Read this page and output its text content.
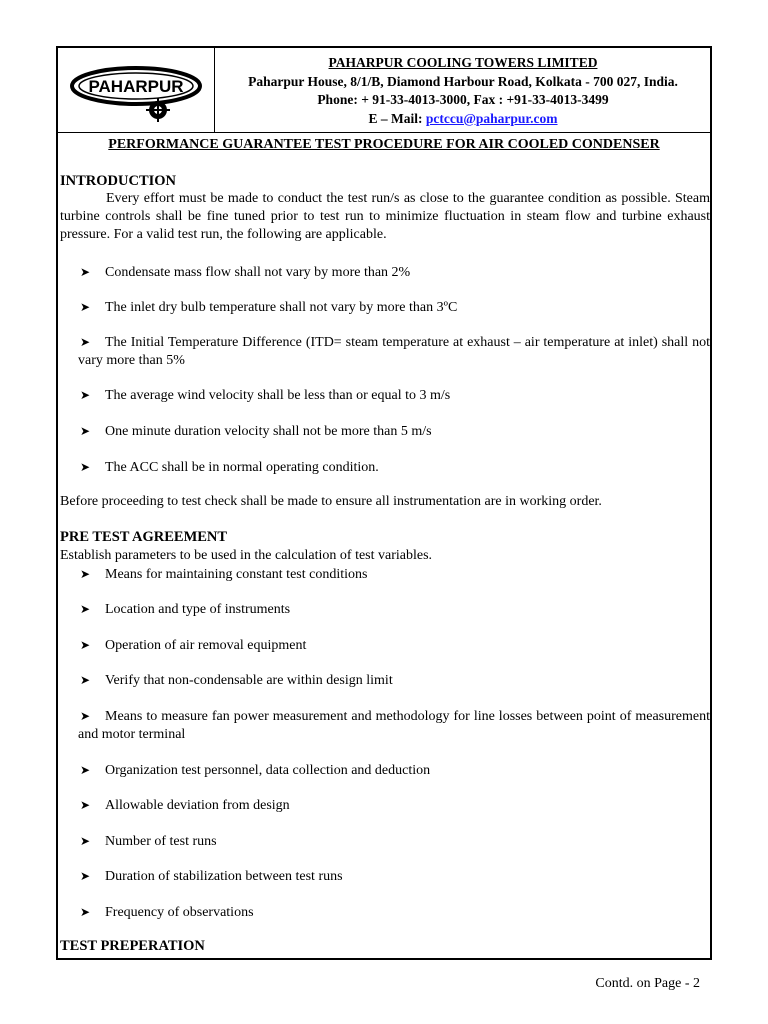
PAHARPUR
PAHARPUR COOLING TOWERS LIMITED
Paharpur House, 8/1/B, Diamond Harbour Road, Kolkata - 700 027, India.
Phone: + 91-33-4013-3000, Fax : +91-33-4013-3499
E – Mail: pctccu@paharpur.com
PERFORMANCE GUARANTEE TEST PROCEDURE FOR AIR COOLED CONDENSER
INTRODUCTION
Every effort must be made to conduct the test run/s as close to the guarantee condition as possible. Steam turbine controls shall be fine tuned prior to test run to minimize fluctuation in steam flow and turbine exhaust pressure. For a valid test run, the following are applicable.
➤ Condensate mass flow shall not vary by more than 2%
➤ The inlet dry bulb temperature shall not vary by more than 3ºC
➤ The Initial Temperature Difference (ITD= steam temperature at exhaust – air temperature at inlet) shall not vary more than 5%
➤ The average wind velocity shall be less than or equal to 3 m/s
➤ One minute duration velocity shall not be more than 5 m/s
➤ The ACC shall be in normal operating condition.
Before proceeding to test check shall be made to ensure all instrumentation are in working order.
PRE TEST AGREEMENT
Establish parameters to be used in the calculation of test variables.
➤ Means for maintaining constant test conditions
➤ Location and type of instruments
➤ Operation of air removal equipment
➤ Verify that non-condensable are within design limit
➤ Means to measure fan power measurement and methodology for line losses between point of measurement and motor terminal
➤ Organization test personnel, data collection and deduction
➤ Allowable deviation from design
➤ Number of test runs
➤ Duration of stabilization between test runs
➤ Frequency of observations
TEST PREPERATION
Contd. on Page - 2
